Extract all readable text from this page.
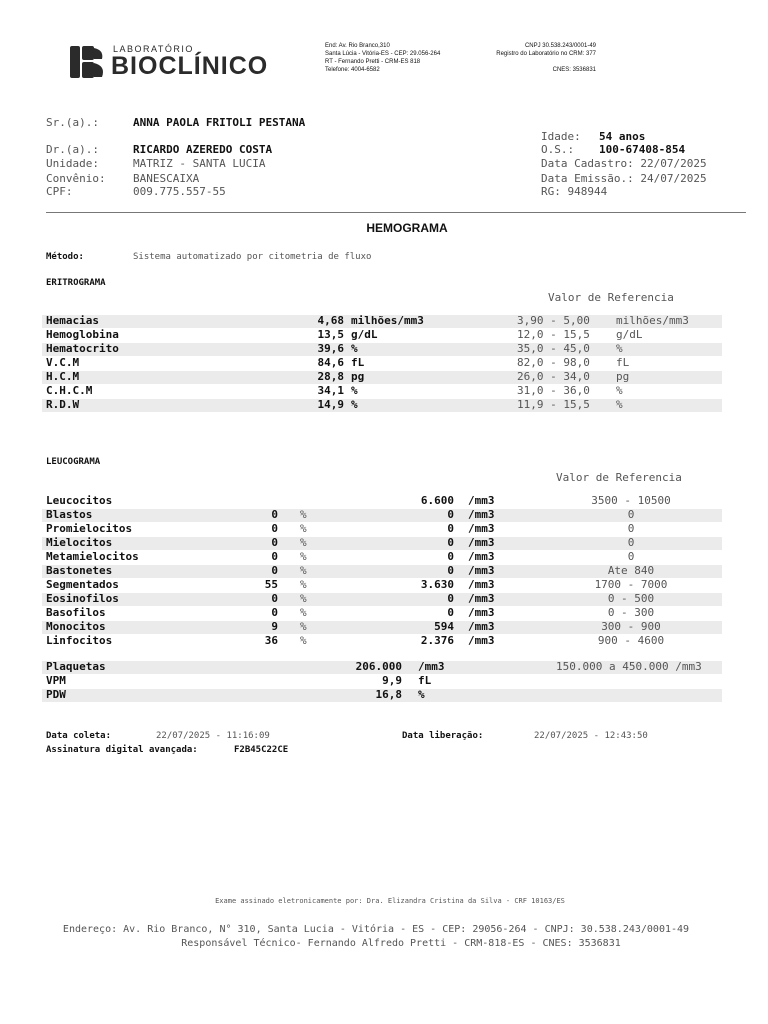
LABORATÓRIO
BIOCLÍNICO
End: Av. Rio Branco,310
Santa Lúcia - Vitória-ES - CEP: 29.056-264
RT - Fernando Pretti - CRM-ES 818
Telefone: 4004-6582
CNPJ 30.538.243/0001-49
Registro do Laboratório no CRM: 377
CNES: 3536831
Sr.(a).:	ANNA PAOLA FRITOLI PESTANA
Idade: 54 anos
Dr.(a).:	RICARDO AZEREDO COSTA	O.S.: 100-67408-854
Unidade:	MATRIZ - SANTA LUCIA	Data Cadastro: 22/07/2025
Convênio: BANESCAIXA	Data Emissão.: 24/07/2025
CPF:	009.775.557-55	RG: 948944
HEMOGRAMA
Método:	Sistema automatizado por citometria de fluxo
ERITROGRAMA
Valor de Referencia
Hemacias	4,68 milhões/mm3	3,90 - 5,00 milhões/mm3
Hemoglobina	13,5 g/dL	12,0 - 15,5 g/dL
Hematocrito	39,6 %	35,0 - 45,0 %
V.C.M	84,6 fL	82,0 - 98,0 fL
H.C.M	28,8 pg	26,0 - 34,0 pg
C.H.C.M	34,1 %	31,0 - 36,0 %
R.D.W	14,9 %	11,9 - 15,5 %
LEUCOGRAMA
Valor de Referencia
Leucocitos	6.600 /mm3	3500 - 10500
Blastos	0 %	0 /mm3	0
Promielocitos	0 %	0 /mm3	0
Mielocitos	0 %	0 /mm3	0
Metamielocitos	0 %	0 /mm3	0
Bastonetes	0 %	0 /mm3	Ate 840
Segmentados	55 %	3.630 /mm3	1700 - 7000
Eosinofilos	0 %	0 /mm3	0 - 500
Basofilos	0 %	0 /mm3	0 - 300
Monocitos	9 %	594 /mm3	300 - 900
Linfocitos	36 %	2.376 /mm3	900 - 4600
Plaquetas	206.000 /mm3	150.000 a 450.000 /mm3
VPM	9,9 fL
PDW	16,8 %
Data coleta:	22/07/2025 - 11:16:09	Data liberação:	22/07/2025 - 12:43:50
Assinatura digital avançada:	F2B45C22CE
Exame assinado eletronicamente por: Dra. Elizandra Cristina da Silva - CRF 10163/ES
Endereço: Av. Rio Branco, N° 310, Santa Lucia - Vitória - ES - CEP: 29056-264 - CNPJ: 30.538.243/0001-49
Responsável Técnico- Fernando Alfredo Pretti - CRM-818-ES - CNES: 3536831
